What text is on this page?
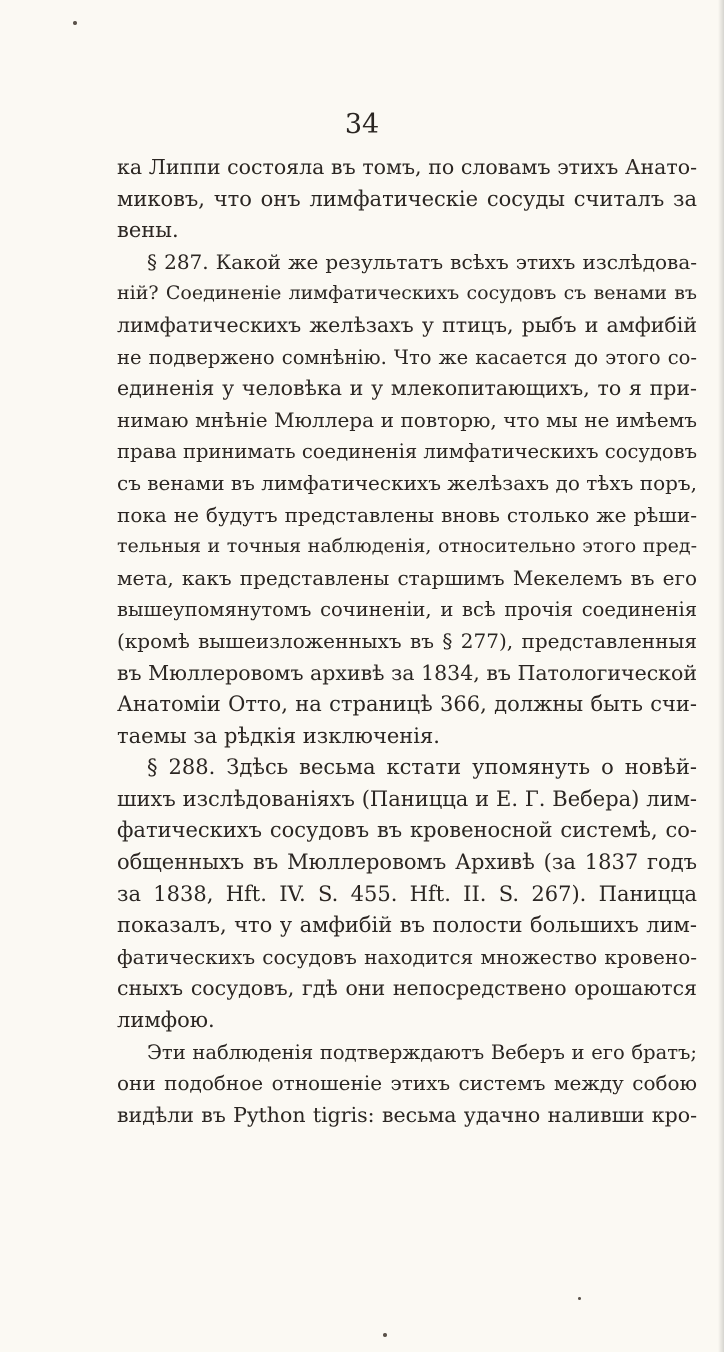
34
ка Липпи состояла въ томъ, по словамъ этихъ Анато-
миковъ, что онъ лимфатическіе сосуды считалъ за
вены.
§ 287. Какой же результатъ всѣхъ этихъ изслѣдова-
ній? Соединеніе лимфатическихъ сосудовъ съ венами въ
лимфатическихъ желѣзахъ у птицъ, рыбъ и амфибій
не подвержено сомнѣнію. Что же касается до этого со-
единенія у человѣка и у млекопитающихъ, то я при-
нимаю мнѣніе Мюллера и повторю, что мы не имѣемъ
права принимать соединенія лимфатическихъ сосудовъ
съ венами въ лимфатическихъ желѣзахъ до тѣхъ поръ,
пока не будутъ представлены вновь столько же рѣши-
тельныя и точныя наблюденія, относительно этого пред-
мета, какъ представлены старшимъ Мекелемъ въ его
вышеупомянутомъ сочиненіи, и всѣ прочія соединенія
(кромѣ вышеизложенныхъ въ § 277), представленныя
въ Мюллеровомъ архивѣ за 1834, въ Патологической
Анатоміи Отто, на страницѣ 366, должны быть счи-
таемы за рѣдкія изключенія.
§ 288. Здѣсь весьма кстати упомянуть о новѣй-
шихъ изслѣдованіяхъ (Паницца и Е. Г. Вебера) лим-
фатическихъ сосудовъ въ кровеносной системѣ, со-
общенныхъ въ Мюллеровомъ Архивѣ (за 1837 годъ
за 1838, Hft. IV. S. 455. Hft. II. S. 267). Паницца
показалъ, что у амфибій въ полости большихъ лим-
фатическихъ сосудовъ находится множество кровено-
сныхъ сосудовъ, гдѣ они непосредствено орошаются
лимфою.
Эти наблюденія подтверждаютъ Веберъ и его братъ;
они подобное отношеніе этихъ системъ между собою
видѣли въ Python tigris: весьма удачно наливши кро-
